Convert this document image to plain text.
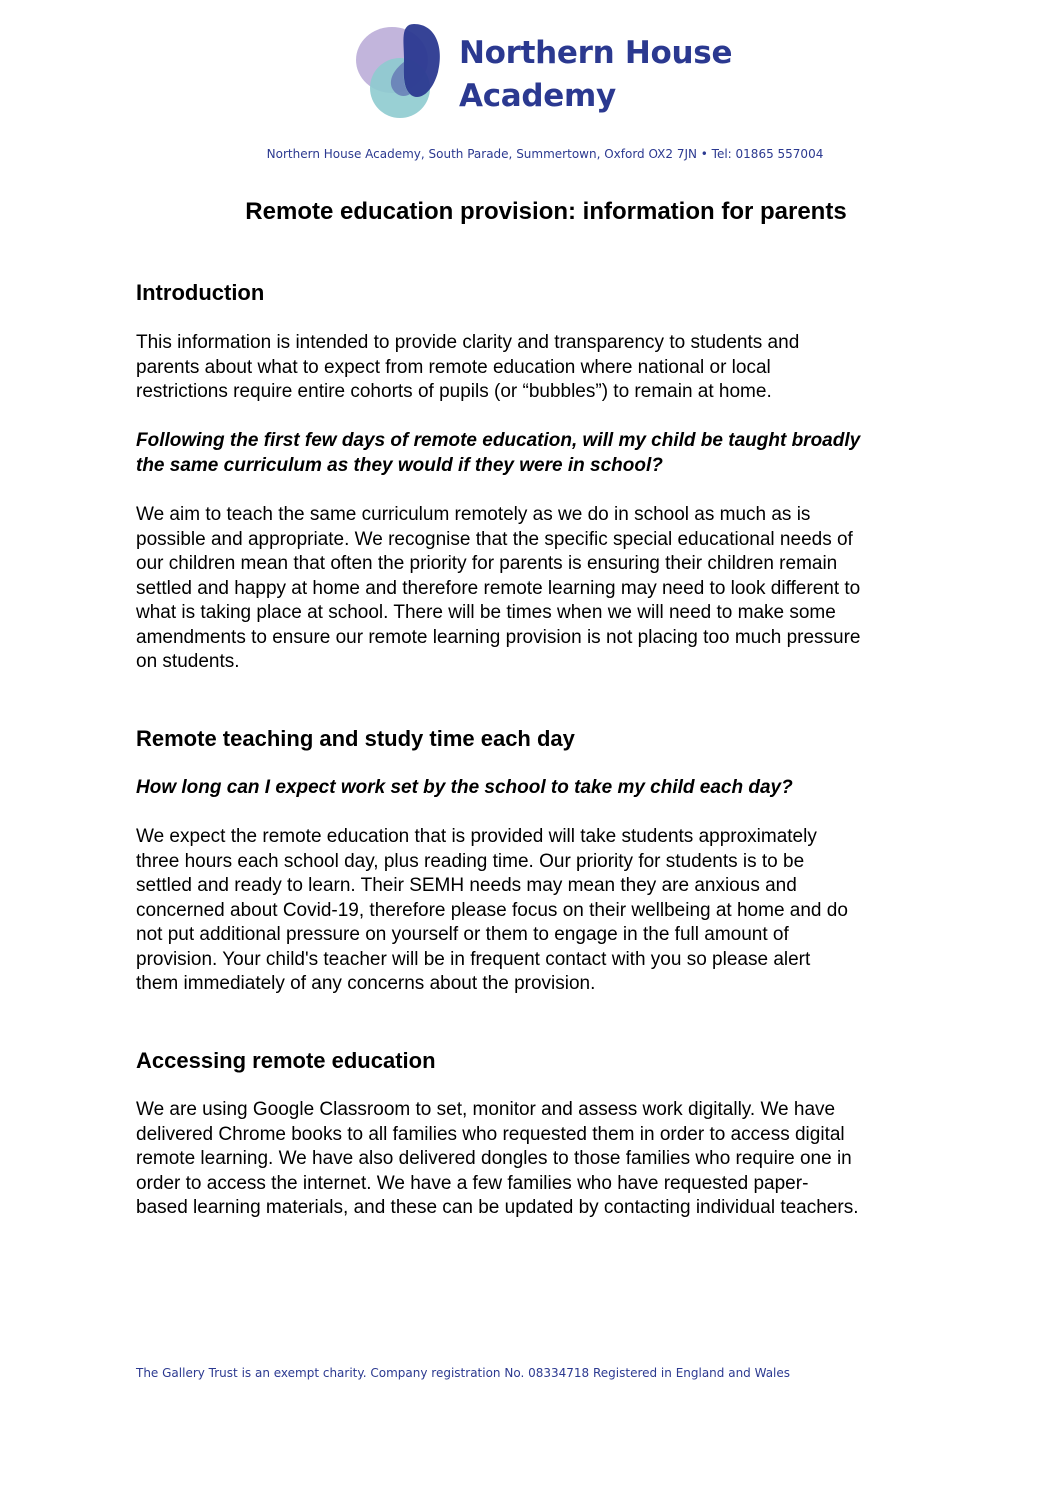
Northern House
Academy
Northern House Academy, South Parade, Summertown, Oxford OX2 7JN • Tel: 01865 557004
Remote education provision: information for parents
Introduction
This information is intended to provide clarity and transparency to students and
parents about what to expect from remote education where national or local
restrictions require entire cohorts of pupils (or “bubbles”) to remain at home.
Following the first few days of remote education, will my child be taught broadly
the same curriculum as they would if they were in school?
We aim to teach the same curriculum remotely as we do in school as much as is
possible and appropriate. We recognise that the specific special educational needs of
our children mean that often the priority for parents is ensuring their children remain
settled and happy at home and therefore remote learning may need to look different to
what is taking place at school. There will be times when we will need to make some
amendments to ensure our remote learning provision is not placing too much pressure
on students.
Remote teaching and study time each day
How long can I expect work set by the school to take my child each day?
We expect the remote education that is provided will take students approximately
three hours each school day, plus reading time. Our priority for students is to be
settled and ready to learn. Their SEMH needs may mean they are anxious and
concerned about Covid-19, therefore please focus on their wellbeing at home and do
not put additional pressure on yourself or them to engage in the full amount of
provision. Your child's teacher will be in frequent contact with you so please alert
them immediately of any concerns about the provision.
Accessing remote education
We are using Google Classroom to set, monitor and assess work digitally. We have
delivered Chrome books to all families who requested them in order to access digital
remote learning. We have also delivered dongles to those families who require one in
order to access the internet. We have a few families who have requested paper-
based learning materials, and these can be updated by contacting individual teachers.
The Gallery Trust is an exempt charity. Company registration No. 08334718 Registered in England and Wales
